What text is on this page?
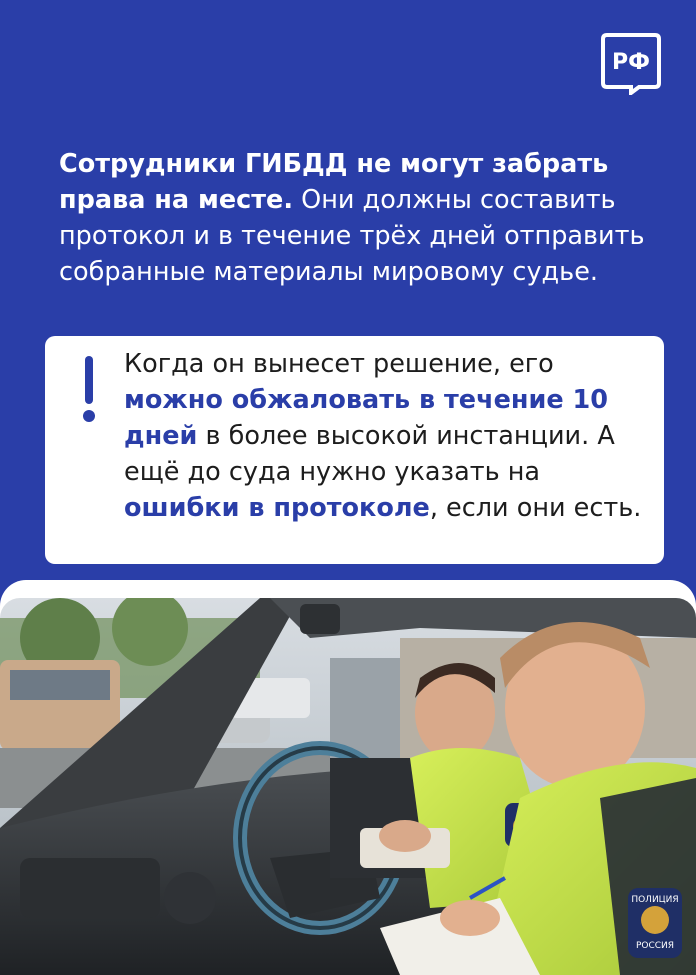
РФ

Сотрудники ГИБДД не могут забрать права на месте. Они должны составить протокол и в течение трёх дней отправить собранные материалы мировому судье.

Когда он вынесет решение, его можно обжаловать в течение 10 дней в более высокой инстанции. А ещё до суда нужно указать на ошибки в протоколе, если они есть.

ПОЛИЦИЯ
РОССИЯ
